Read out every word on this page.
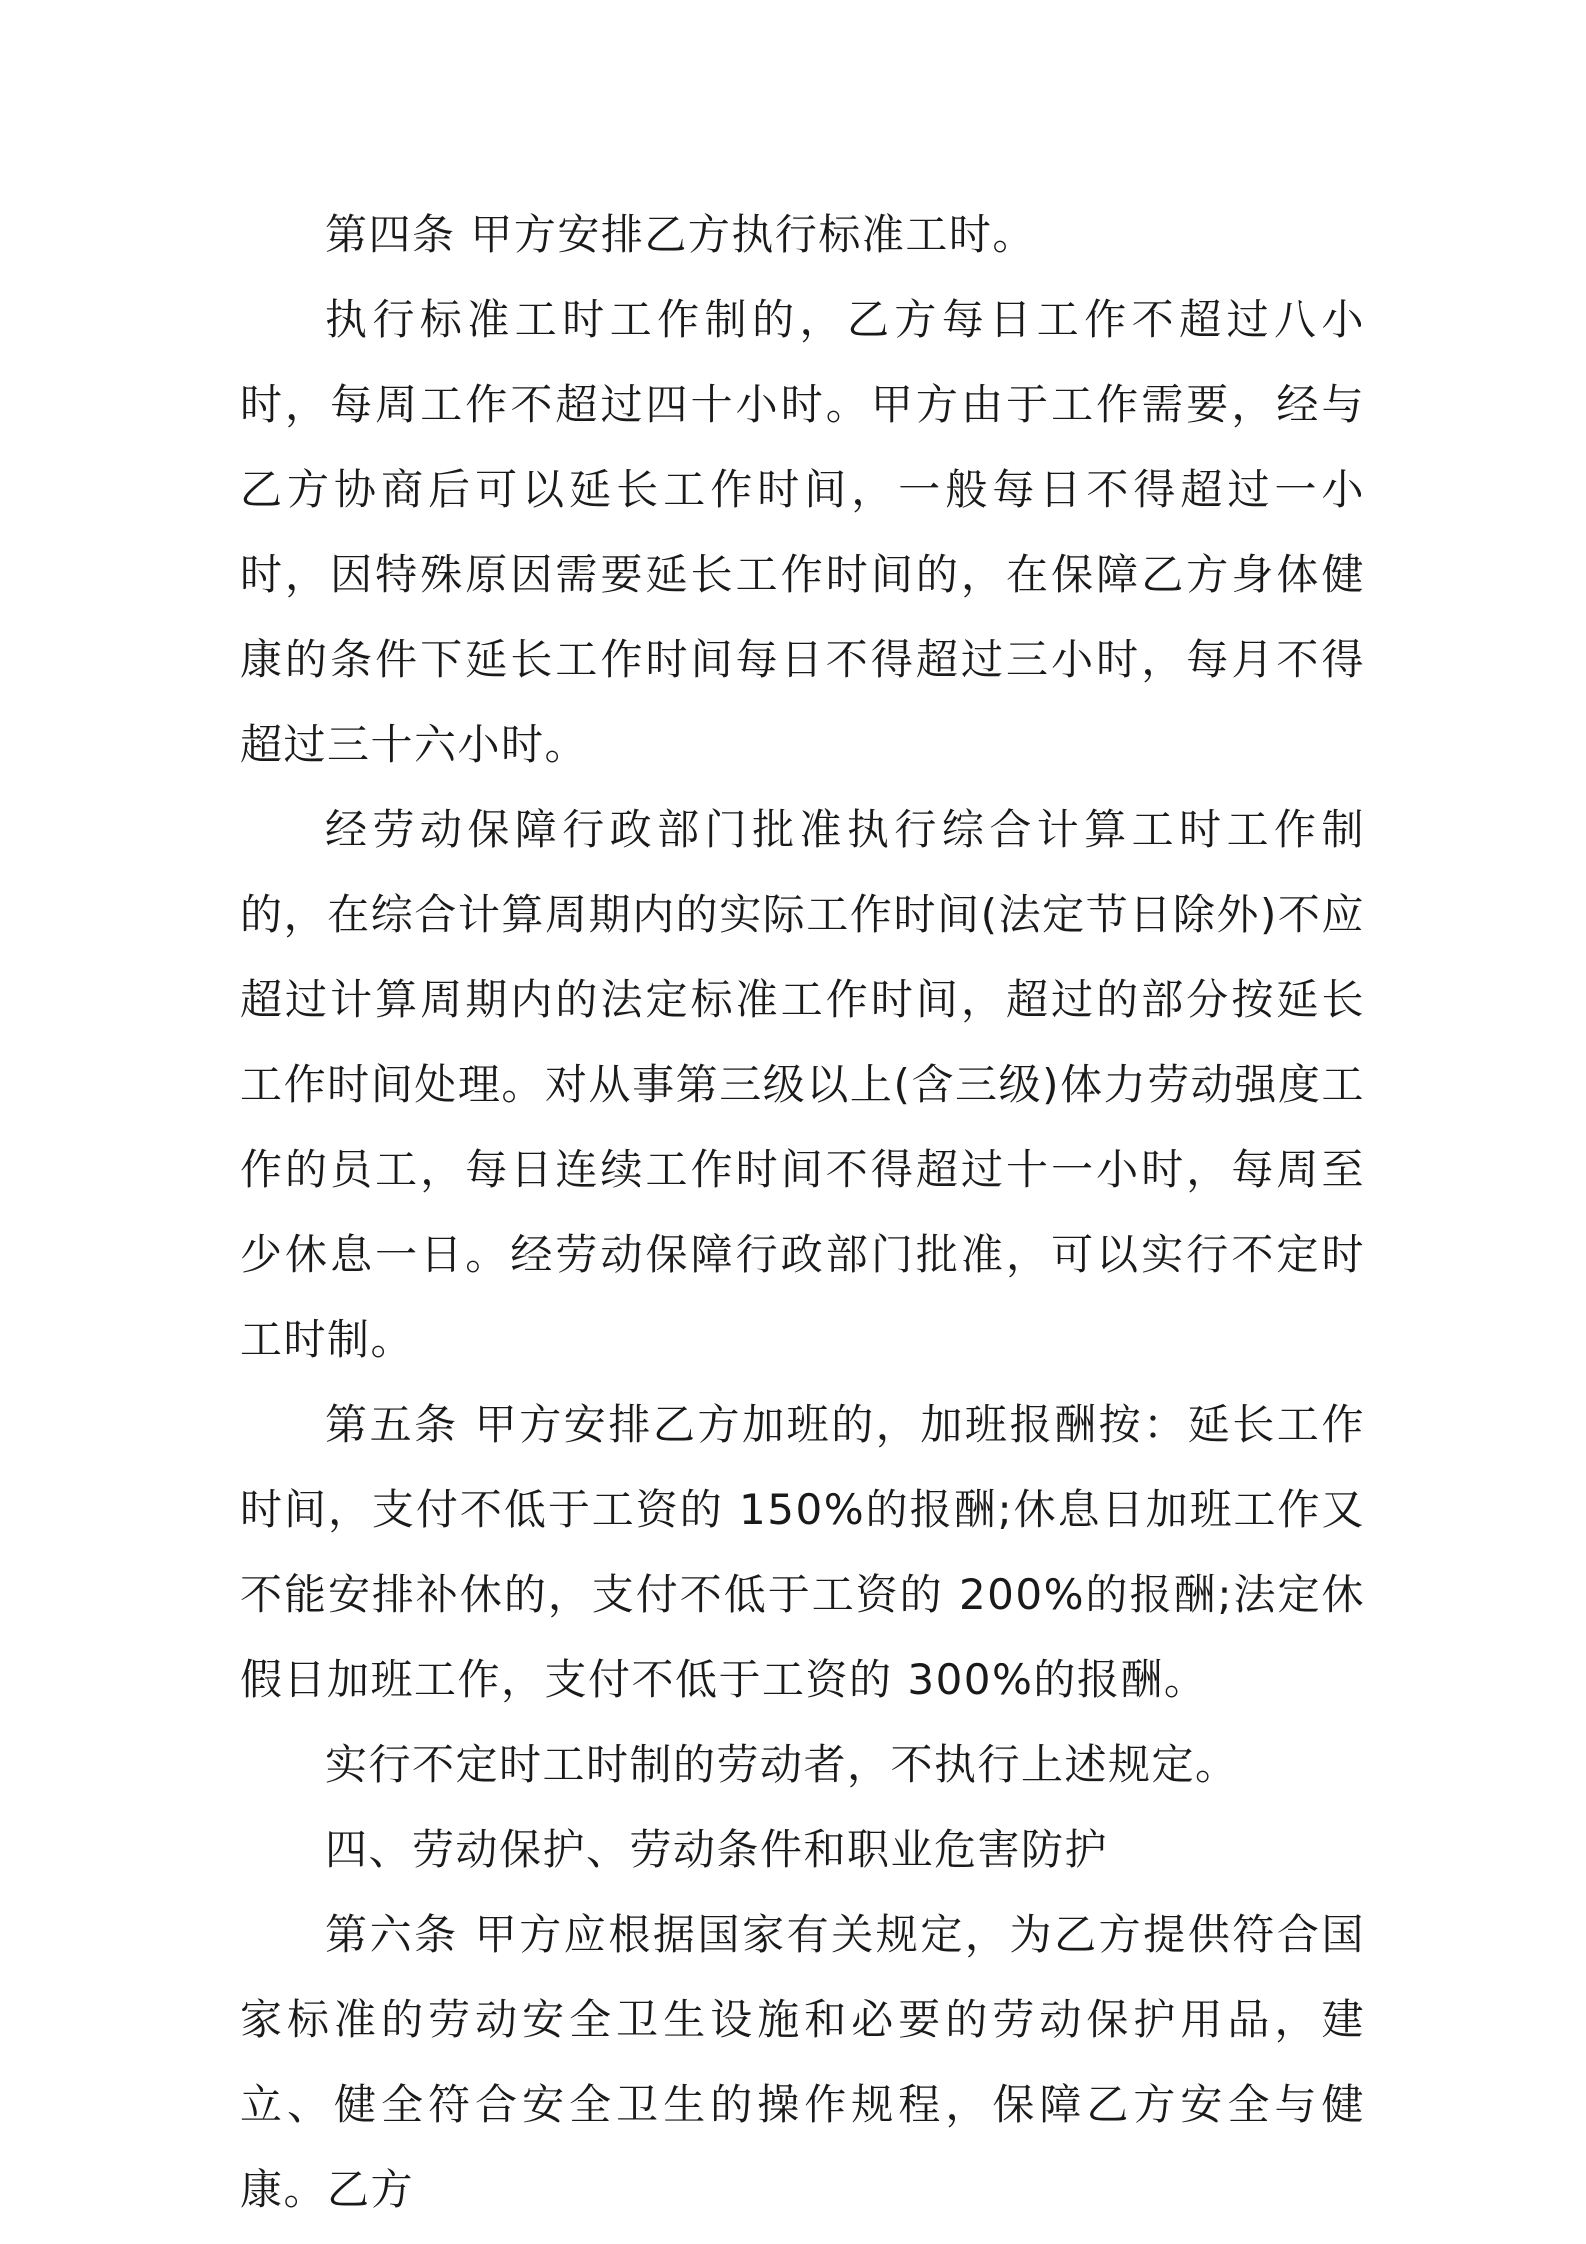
第四条 甲方安排乙方执行标准工时。

执行标准工时工作制的，乙方每日工作不超过八小时，每周工作不超过四十小时。甲方由于工作需要，经与乙方协商后可以延长工作时间，一般每日不得超过一小时，因特殊原因需要延长工作时间的，在保障乙方身体健康的条件下延长工作时间每日不得超过三小时，每月不得超过三十六小时。

经劳动保障行政部门批准执行综合计算工时工作制的，在综合计算周期内的实际工作时间(法定节日除外)不应超过计算周期内的法定标准工作时间，超过的部分按延长工作时间处理。对从事第三级以上(含三级)体力劳动强度工作的员工，每日连续工作时间不得超过十一小时，每周至少休息一日。经劳动保障行政部门批准，可以实行不定时工时制。

第五条 甲方安排乙方加班的，加班报酬按：延长工作时间，支付不低于工资的 150%的报酬;休息日加班工作又不能安排补休的，支付不低于工资的 200%的报酬;法定休假日加班工作，支付不低于工资的 300%的报酬。

实行不定时工时制的劳动者，不执行上述规定。

四、劳动保护、劳动条件和职业危害防护

第六条 甲方应根据国家有关规定，为乙方提供符合国家标准的劳动安全卫生设施和必要的劳动保护用品，建立、健全符合安全卫生的操作规程，保障乙方安全与健康。乙方
